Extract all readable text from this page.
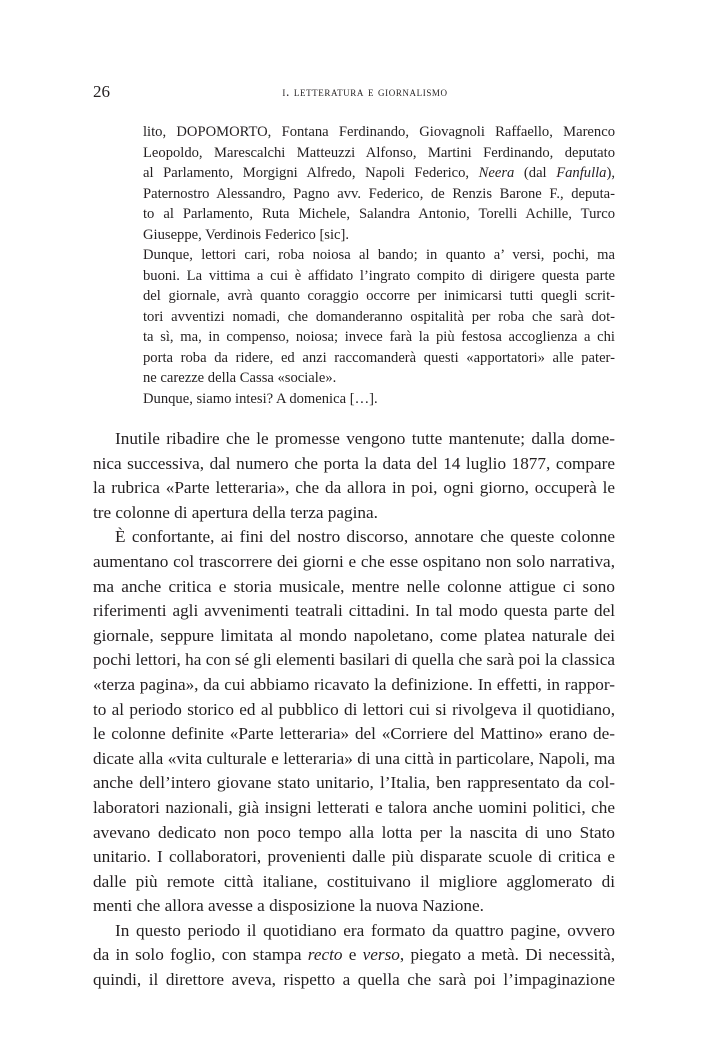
26	i. letteratura e giornalismo
lito, DOPOMORTO, Fontana Ferdinando, Giovagnoli Raffaello, Marenco
Leopoldo, Marescalchi Matteuzzi Alfonso, Martini Ferdinando, deputato
al Parlamento, Morgigni Alfredo, Napoli Federico, Neera (dal Fanfulla),
Paternostro Alessandro, Pagno avv. Federico, de Renzis Barone F., deputa-
to al Parlamento, Ruta Michele, Salandra Antonio, Torelli Achille, Turco
Giuseppe, Verdinois Federico [sic].
Dunque, lettori cari, roba noiosa al bando; in quanto a’ versi, pochi, ma
buoni. La vittima a cui è affidato l’ingrato compito di dirigere questa parte
del giornale, avrà quanto coraggio occorre per inimicarsi tutti quegli scrit-
tori avventizi nomadi, che domanderanno ospitalità per roba che sarà dot-
ta sì, ma, in compenso, noiosa; invece farà la più festosa accoglienza a chi
porta roba da ridere, ed anzi raccomanderà questi «apportatori» alle pater-
ne carezze della Cassa «sociale».
Dunque, siamo intesi? A domenica […].
Inutile ribadire che le promesse vengono tutte mantenute; dalla dome-
nica successiva, dal numero che porta la data del 14 luglio 1877, compare
la rubrica «Parte letteraria», che da allora in poi, ogni giorno, occuperà le
tre colonne di apertura della terza pagina.
È confortante, ai fini del nostro discorso, annotare che queste colonne
aumentano col trascorrere dei giorni e che esse ospitano non solo narrativa,
ma anche critica e storia musicale, mentre nelle colonne attigue ci sono
riferimenti agli avvenimenti teatrali cittadini. In tal modo questa parte del
giornale, seppure limitata al mondo napoletano, come platea naturale dei
pochi lettori, ha con sé gli elementi basilari di quella che sarà poi la classica
«terza pagina», da cui abbiamo ricavato la definizione. In effetti, in rappor-
to al periodo storico ed al pubblico di lettori cui si rivolgeva il quotidiano,
le colonne definite «Parte letteraria» del «Corriere del Mattino» erano de-
dicate alla «vita culturale e letteraria» di una città in particolare, Napoli, ma
anche dell’intero giovane stato unitario, l’Italia, ben rappresentato da col-
laboratori nazionali, già insigni letterati e talora anche uomini politici, che
avevano dedicato non poco tempo alla lotta per la nascita di uno Stato
unitario. I collaboratori, provenienti dalle più disparate scuole di critica e
dalle più remote città italiane, costituivano il migliore agglomerato di
menti che allora avesse a disposizione la nuova Nazione.
In questo periodo il quotidiano era formato da quattro pagine, ovvero
da in solo foglio, con stampa recto e verso, piegato a metà. Di necessità,
quindi, il direttore aveva, rispetto a quella che sarà poi l’impaginazione
